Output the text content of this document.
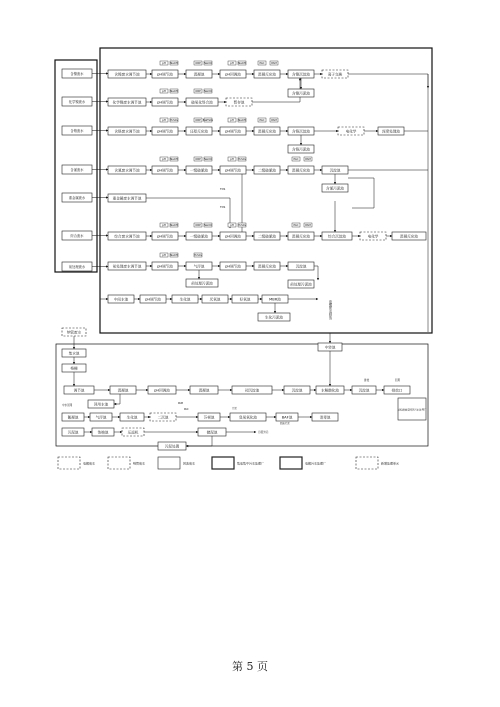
含镍废水
化学镍废水
含铬废水
含氰废水
重金属废水
综合废水
前处理废水
含镍废水调节池	pH调节池	混凝池	pH回调池	混凝反应池	含镍沉淀池	离子交换
含镍污泥池
pH NaOH	ORP NaClO	pH NaOH	PAC	PAM
化学镍废水调节池	pH调节池	破氧化络合池	暂存池
pH NaOH	ORP NaClO
含铬废水调节池	pH调节池	还原反应池	pH调节池	混凝反应池	含铬沉淀池	电化学	深度处理池
含铬污泥池
pH H₂SO₄	ORP NaHSO₃	pH NaOH	PAC	PAM
含氰废水调节池	pH调节池	一级破氰池	pH调节池	二级破氰池	混凝反应池	沉淀池
含氰污泥池
pH NaOH	ORP NaClO	pH H₂SO₄	PAC	PAM
重金属废水调节池
TDS
TDS
综合废水调节池	pH调节池	一级破氰池	pH回调池	二级破氰池	混凝反应池	综合沉淀池	电化学	混凝反应池
pH NaOH	ORP NaClO	pH H₂SO₄	PAC	PAM
前处理废水调节池	pH调节池	气浮池	pH调节池	混凝反应池	沉淀池
前处理污泥池
pH NaOH	H₂SO₄
前处理污泥池
中间水池	pH调节池	生化池	厌氧池	好氧池	MBR池
生化污泥池	电镀废水排放
中转池
纳管废水
集水池
格栅
调节池	混凝池	pH回调池	混凝池	初沉淀池	沉淀池	水解酸化池	沉淀池	排放口
排放	回用
达标排放至园区污水处理厂
回用水池
中水回用
絮凝池	气浮池	生化池	二沉池	芬顿池	臭氧氧化池	BAF池	消毒池
PAC
PAM
污泥池	浓缩池	压滤机	储泥池	污泥外运
污泥处置
回流污泥
污泥
电镀废水	纳管废水	回流废水	集成集中污水处理厂	电镀污水处理厂	新增处理单元
第 5 页
